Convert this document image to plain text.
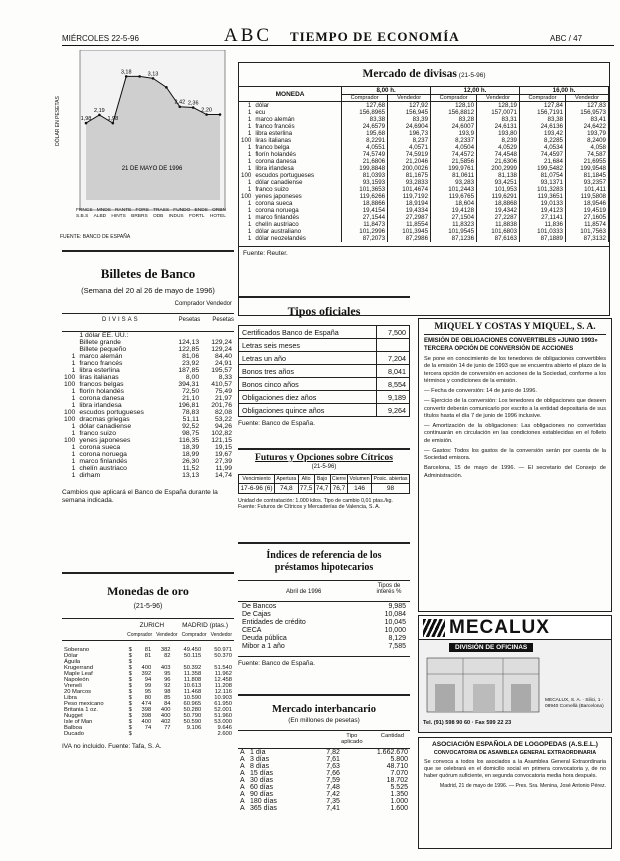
MIÉRCOLES 22-5-96	ABC TIEMPO DE ECONOMÍA	ABC / 47
DÓLAR EN PESETAS	1,98
2,19
1,98
3,18	3,13
2,42 2,36
2,20
21 DE MAYO DE 1996
FRNCS MNDS RANTE FORS TRASS FUNDO ENDS ORBN
S.B.S ALBD HINTS BRBRS ODB INDUS FORTL HOTEL
FUENTE: BANCO DE ESPAÑA
Billetes de Banco
(Semana del 20 al 26 de mayo de 1996)
Comprador Vendedor
DIVISAS	Pesetas Pesetas
	1 dólar EE. UU.:		
	Billete grande	124,13	129,24
	Billete pequeño	122,85	129,24
1	marco alemán	81,06	84,40
1	franco francés	23,92	24,91
1	libra esterlina	187,85	195,57
100	liras italianas	8,00	8,33
100	francos belgas	394,31	410,57
1	florín holandés	72,50	75,49
1	corona danesa	21,10	21,97
1	libra irlandesa	196,81	201,76
100	escudos portugueses	78,83	82,08
100	dracmas griegas	51,11	53,22
1	dólar canadiense	92,52	94,26
1	franco suizo	98,75	102,82
100	yenes japoneses	116,35	121,15
1	corona sueca	18,39	19,15
1	corona noruega	18,99	19,67
1	marco finlandés	26,30	27,39
1	chelín austriaco	11,52	11,99
1	dirham	13,13	14,74
Cambios que aplicará el Banco de España durante la semana indicada.
Monedas de oro
(21-5-96)
ZURICH	MADRID (ptas.)
Comprador Vendedor Comprador Vendedor
Soberano	$	81	382	49.450	50.971
Dólar	$	81	82	50.115	50.370
Águila	$				
Krugerrand	$	400	403	50.392	51.540
Maple Leaf	$	392	95	11.358	11.962
Napoleón	$	94	96	11.808	12.458
Vreneli	$	99	92	10.613	11.208
20 Marcos	$	95	98	11.468	12.116
Libra	$	80	85	10.590	10.903
Peso mexicano	$	474	84	60.965	61.950
Britania 1 oz.	$	398	400	50.280	52.001
Nugget	$	398	400	50.790	51.960
Isle of Man	$	400	402	50.590	53.000
Balboa	$	74	77	9.106	9.646
Ducado	$				2.600
IVA no incluido. Fuente: Tafa, S. A.
Mercado de divisas (21-5-96)
MONEDA		8,00 h.		12,00 h.		16,00 h.	
		Comprador	Vendedor	Comprador	Vendedor	Comprador	Vendedor
1	dólar	127,68	127,92	128,10	128,19	127,84	127,83
1	ecu	156,8965	156,945	156,8812	157,0071	156,7191	156,9573
1	marco alemán	83,38	83,39	83,28	83,31	83,38	83,41
1	franco francés	24,6579	24,6904	24,6007	24,6131	24,6136	24,6422
1	libra esterlina	195,68	196,73	193,9	193,80	193,42	193,79
100	liras italianas	8,2291	8,237	8,2337	8,239	8,2285	8,2409
1	franco belga	4,0551	4,0571	4,0504	4,0529	4,0534	4,058
1	florín holandés	74,5749	74,5919	74,4572	74,4548	74,4597	74,587
1	corona danesa	21,6806	21,2046	21,5856	21,6306	21,684	21,6955
1	libra irlandesa	199,8848	200,0026	199,9761	200,2999	199,5482	199,9548
100	escudos portugueses	81,0393	81,1675	81,0611	81,138	81,0754	81,1845
1	dólar canadiense	93,1593	93,2833	93,283	93,4251	93,1371	93,2357
1	franco suizo	101,3653	101,4674	101,2443	101,953	101,3283	101,411
100	yenes japoneses	119,6266	119,7192	119,6765	119,6291	119,3651	119,5808
1	corona sueca	18,8866	18,9194	18,604	18,8868	19,0133	18,9546
1	corona noruega	19,4154	19,4334	19,4128	19,4342	19,4123	19,4519
1	marco finlandés	27,1544	27,2987	27,1504	27,2287	27,1141	27,1605
1	chelín austriaco	11,8473	11,8554	11,8323	11,8838	11,836	11,8574
1	dólar australiano	101,2996	101,3945	101,9545	101,6803	101,0333	101,7563
1	dólar neozelandés	87,2073	87,2986	87,1236	87,6163	87,1889	87,3132
Fuente: Reuter.
Tipos oficiales
Certificados Banco de España	7,500
Letras seis meses	
Letras un año	7,204
Bonos tres años	8,041
Bonos cinco años	8,554
Obligaciones diez años	9,189
Obligaciones quince años	9,264
Fuente: Banco de España.
Futuros y Opciones sobre Cítricos
(21-5-96)
Vencimiento	Apertura	Alto	Bajo	Cierre	Volumen	Posic. abiertas
17-6-96 (6)	74,8	77,5	74,7	76,7	146	98
Unidad de contratación: 1.000 kilos. Tipo de cambio 0,01 ptas./kg. Fuente: Futuros de Cítricos y Mercaderías de Valencia, S. A.
Índices de referencia de los préstamos hipotecarios
Abril de 1996
Tipos de interés %
De Bancos	9,985
De Cajas	10,084
Entidades de crédito	10,045
CECA	10,000
Deuda pública	8,129
Mibor a 1 año	7,585
Fuente: Banco de España.
Mercado interbancario
(En millones de pesetas)
Tipo aplicado
Cantidad
A	1 día	7,82	1.662.670
A	3 días	7,61	5.800
A	8 días	7,63	48.710
A	15 días	7,66	7.070
A	30 días	7,59	18.702
A	60 días	7,48	5.525
A	90 días	7,42	1.350
A	180 días	7,35	1.000
A	365 días	7,41	1.600
MIQUEL Y COSTAS Y MIQUEL, S. A.
EMISIÓN DE OBLIGACIONES CONVERTIBLES «JUNIO 1993» TERCERA OPCIÓN DE CONVERSIÓN DE ACCIONES

Se pone en conocimiento de los tenedores de obligaciones convertibles de la emisión 14 de junio de 1993 que se encuentra abierto el plazo de la tercera opción de conversión en acciones de la Sociedad, conforme a los términos y condiciones de la emisión.

— Fecha de conversión: 14 de junio de 1996.

— Ejercicio de la conversión: Los tenedores de obligaciones que deseen convertir deberán comunicarlo por escrito a la entidad depositaria de sus títulos hasta el día 7 de junio de 1996 inclusive.

— Amortización de la obligaciones: Las obligaciones no convertidas continuarán en circulación en las condiciones establecidas en el folleto de emisión.

— Gastos: Todos los gastos de la conversión serán por cuenta de la Sociedad emisora.

Barcelona, 15 de mayo de 1996. — El secretario del Consejo de Administración.

MECALUX
DIVISIÓN DE OFICINAS
MECALUX, S. A. · Silici, 1 · 08940 Cornellà (Barcelona)
Tel. (91) 598 90 60 · Fax 599 22 23
ASOCIACIÓN ESPAÑOLA DE LOGOPEDAS (A.S.E.L.)
CONVOCATORIA DE ASAMBLEA GENERAL EXTRAORDINARIA
Se convoca a todos los asociados a la Asamblea General Extraordinaria que se celebrará en el domicilio social en primera convocatoria y, de no haber quórum suficiente, en segunda convocatoria media hora después.
Madrid, 21 de mayo de 1996. — Pres. Sra. Menina, José Antonio Pérez.
